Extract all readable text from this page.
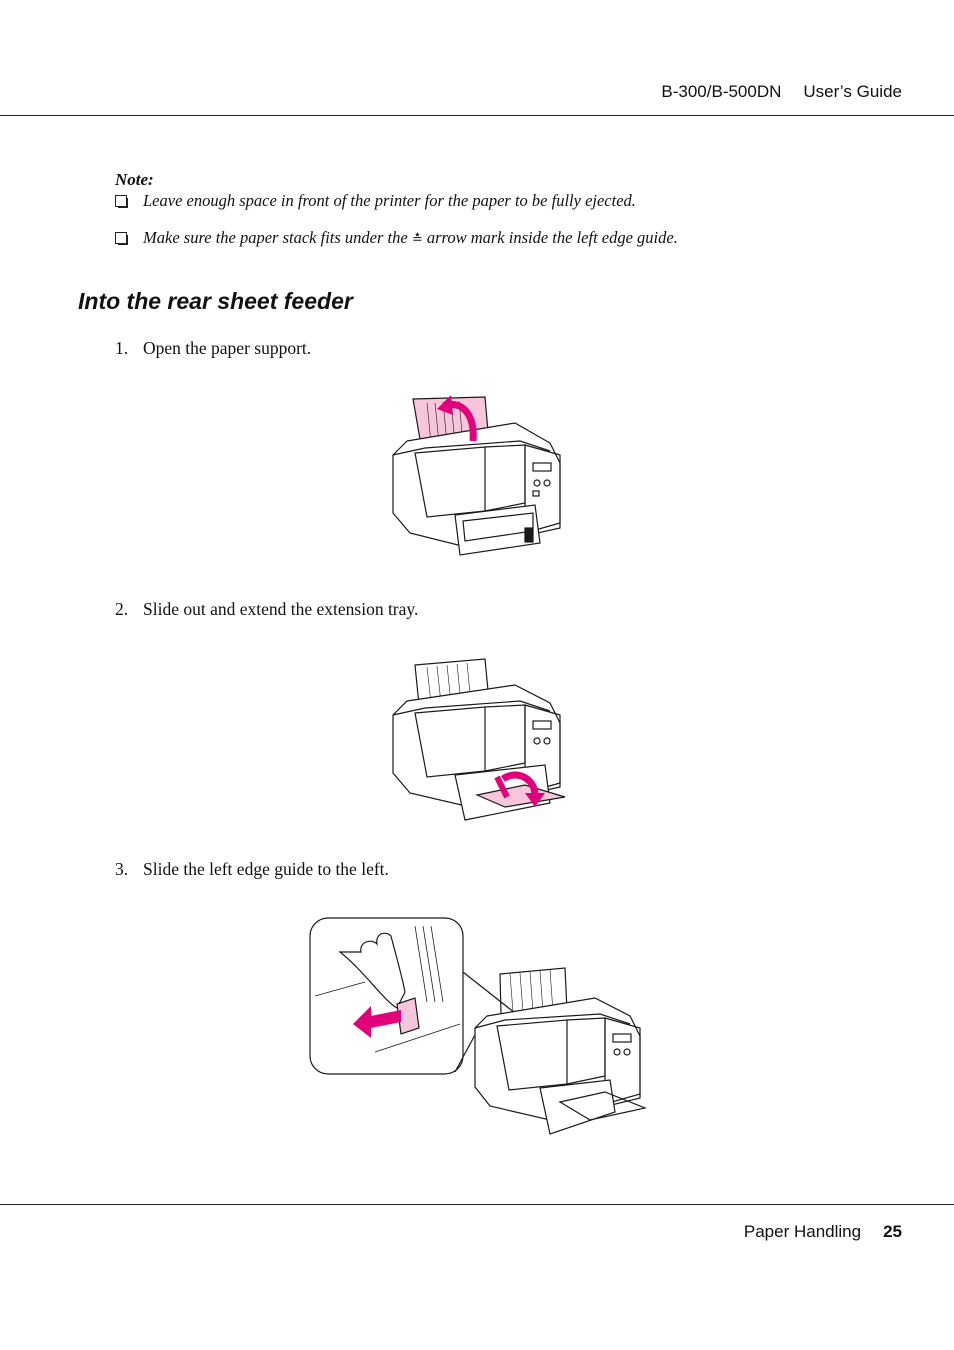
B-300/B-500DN User’s Guide
Note:
Leave enough space in front of the printer for the paper to be fully ejected.
Make sure the paper stack fits under the ≛ arrow mark inside the left edge guide.
Into the rear sheet feeder
1. Open the paper support.
2. Slide out and extend the extension tray.
3. Slide the left edge guide to the left.
Paper Handling 25
